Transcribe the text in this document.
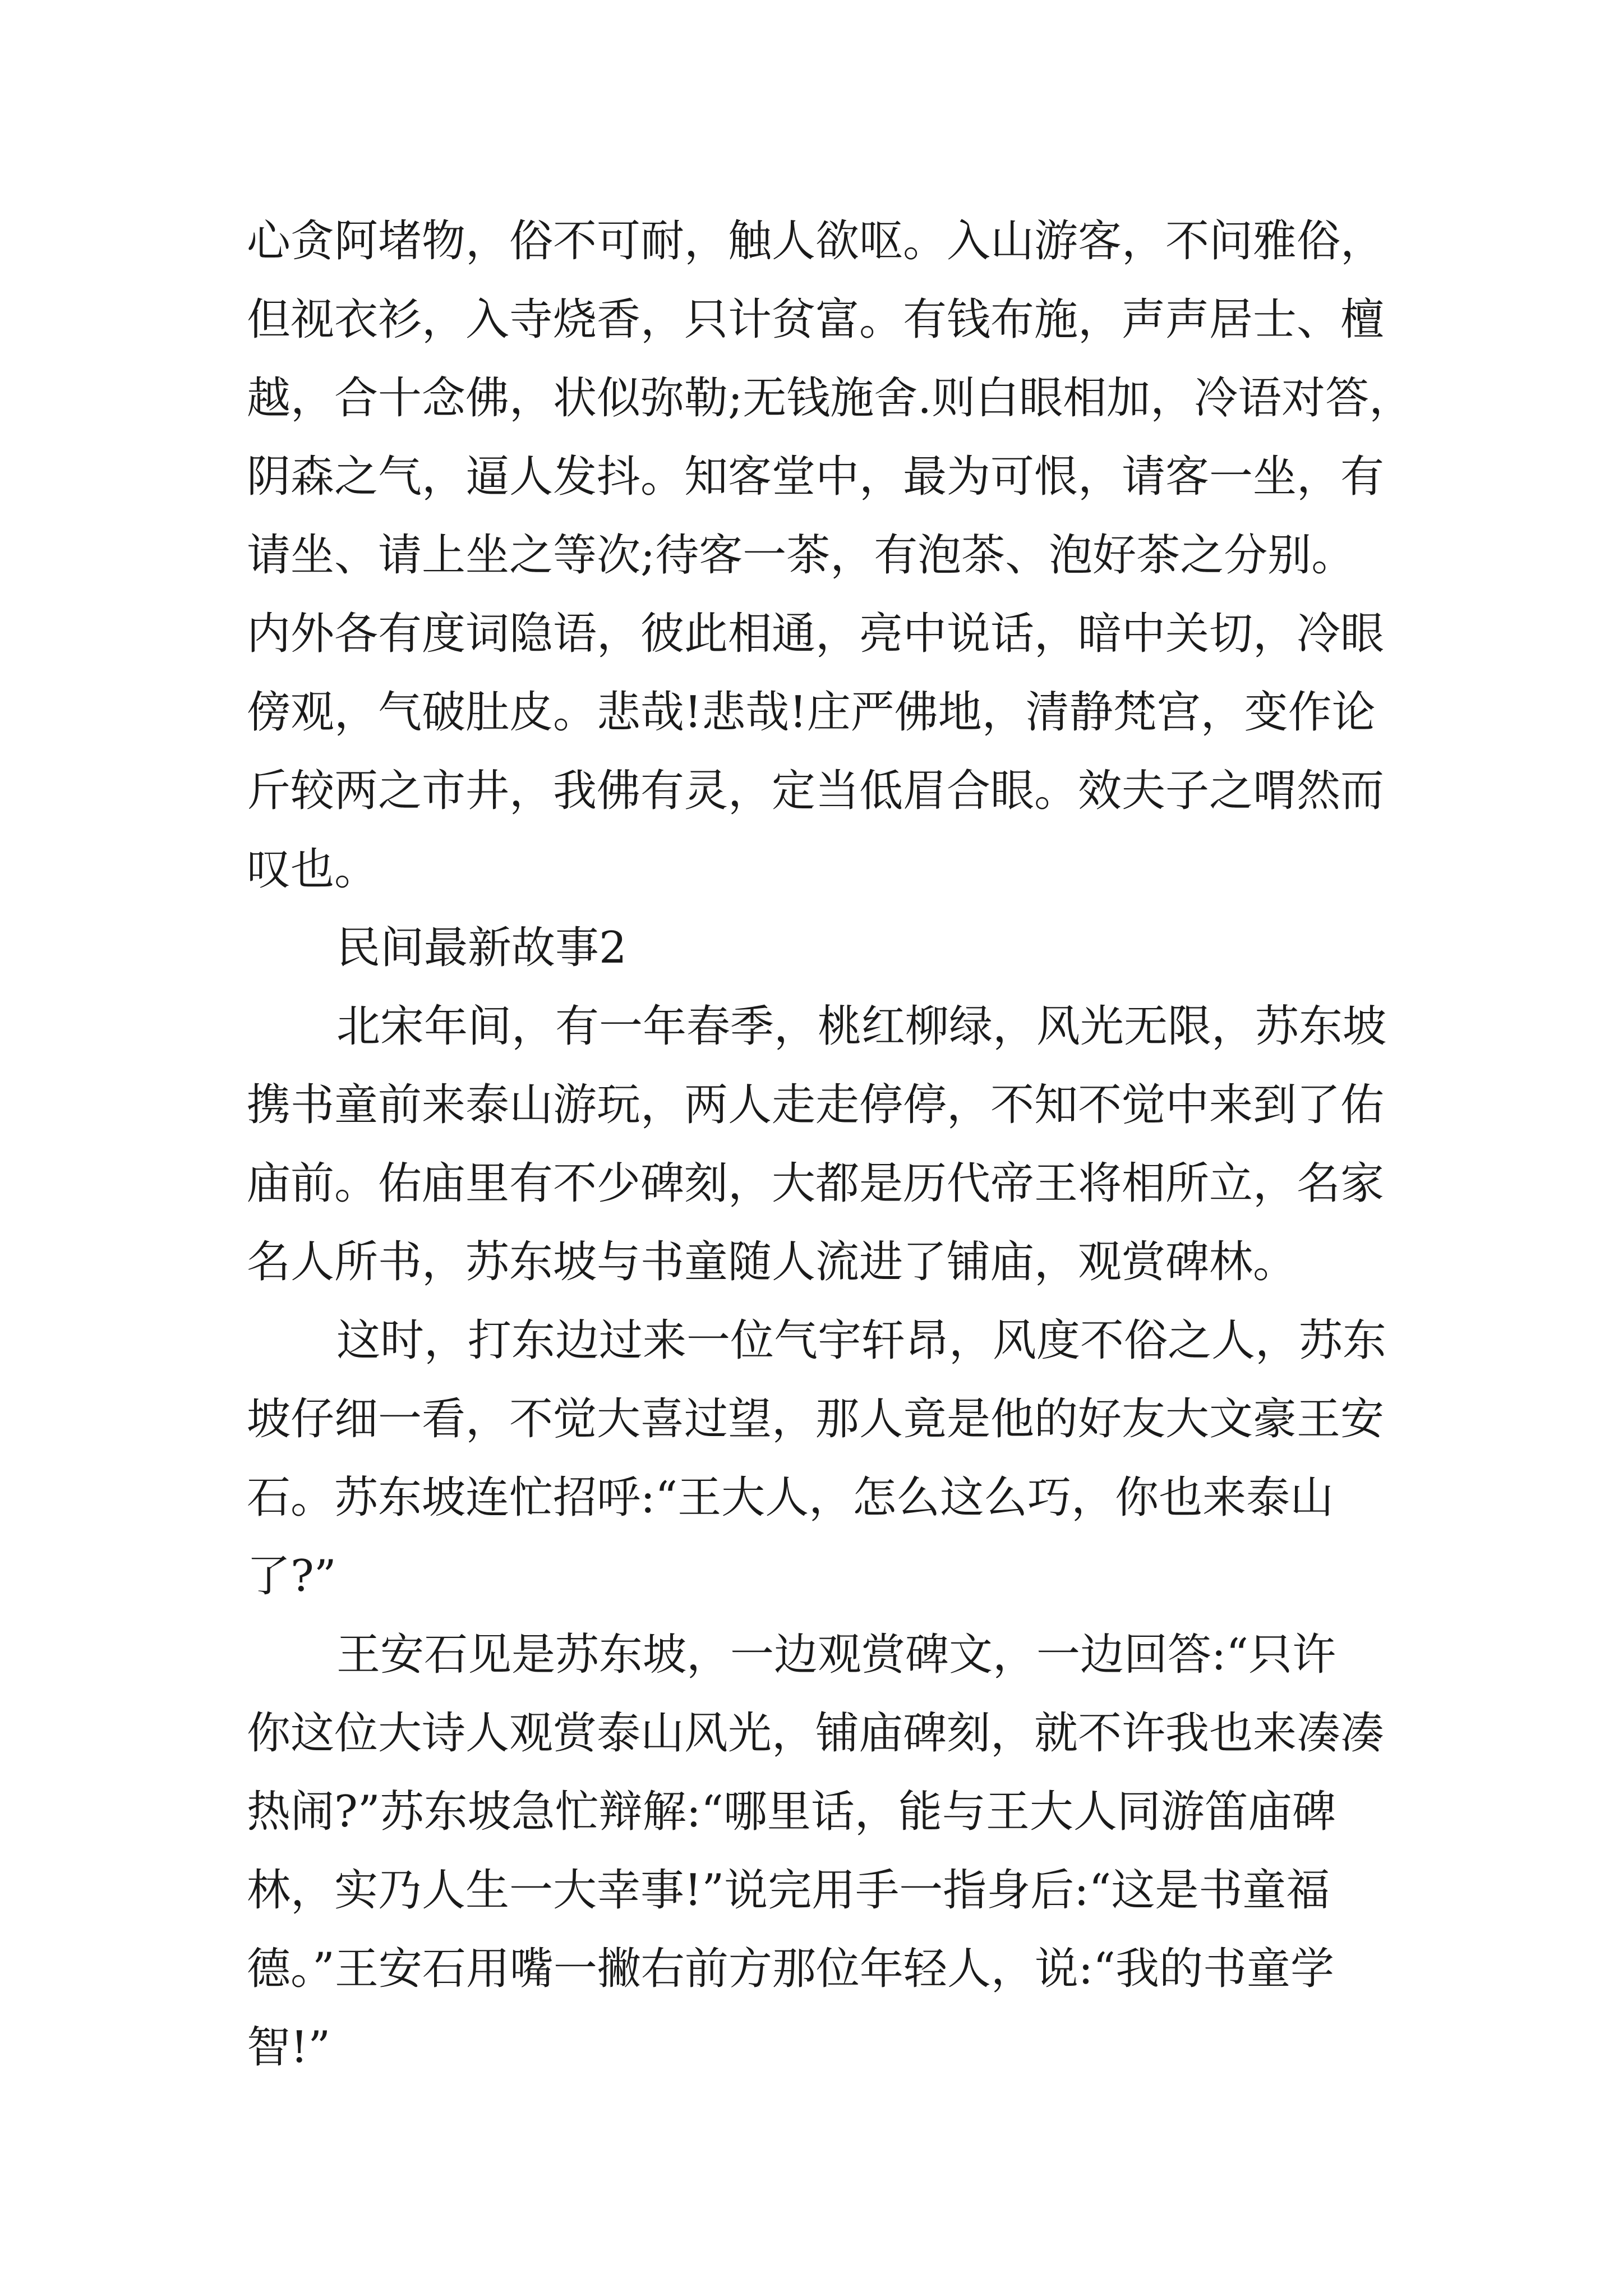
心贪阿堵物，俗不可耐，触人欲呕。入山游客，不问雅俗，
但视衣衫，入寺烧香，只计贫富。有钱布施，声声居士、檀
越，合十念佛，状似弥勒;无钱施舍.则白眼相加，冷语对答，
阴森之气，逼人发抖。知客堂中，最为可恨，请客一坐，有
请坐、请上坐之等次;待客一茶，有泡茶、泡好茶之分别。
内外各有度词隐语，彼此相通，亮中说话，暗中关切，冷眼
傍观，气破肚皮。悲哉!悲哉!庄严佛地，清静梵宫，变作论
斤较两之市井，我佛有灵，定当低眉合眼。效夫子之喟然而
叹也。
民间最新故事2
北宋年间，有一年春季，桃红柳绿，风光无限，苏东坡
携书童前来泰山游玩，两人走走停停，不知不觉中来到了佑
庙前。佑庙里有不少碑刻，大都是历代帝王将相所立，名家
名人所书，苏东坡与书童随人流进了铺庙，观赏碑林。
这时，打东边过来一位气宇轩昂，风度不俗之人，苏东
坡仔细一看，不觉大喜过望，那人竟是他的好友大文豪王安
石。苏东坡连忙招呼:“王大人，怎么这么巧，你也来泰山
了?”
王安石见是苏东坡，一边观赏碑文，一边回答:“只许
你这位大诗人观赏泰山风光，铺庙碑刻，就不许我也来凑凑
热闹?”苏东坡急忙辩解:“哪里话，能与王大人同游笛庙碑
林，实乃人生一大幸事!”说完用手一指身后:“这是书童福
德。”王安石用嘴一撇右前方那位年轻人，说:“我的书童学
智!”
